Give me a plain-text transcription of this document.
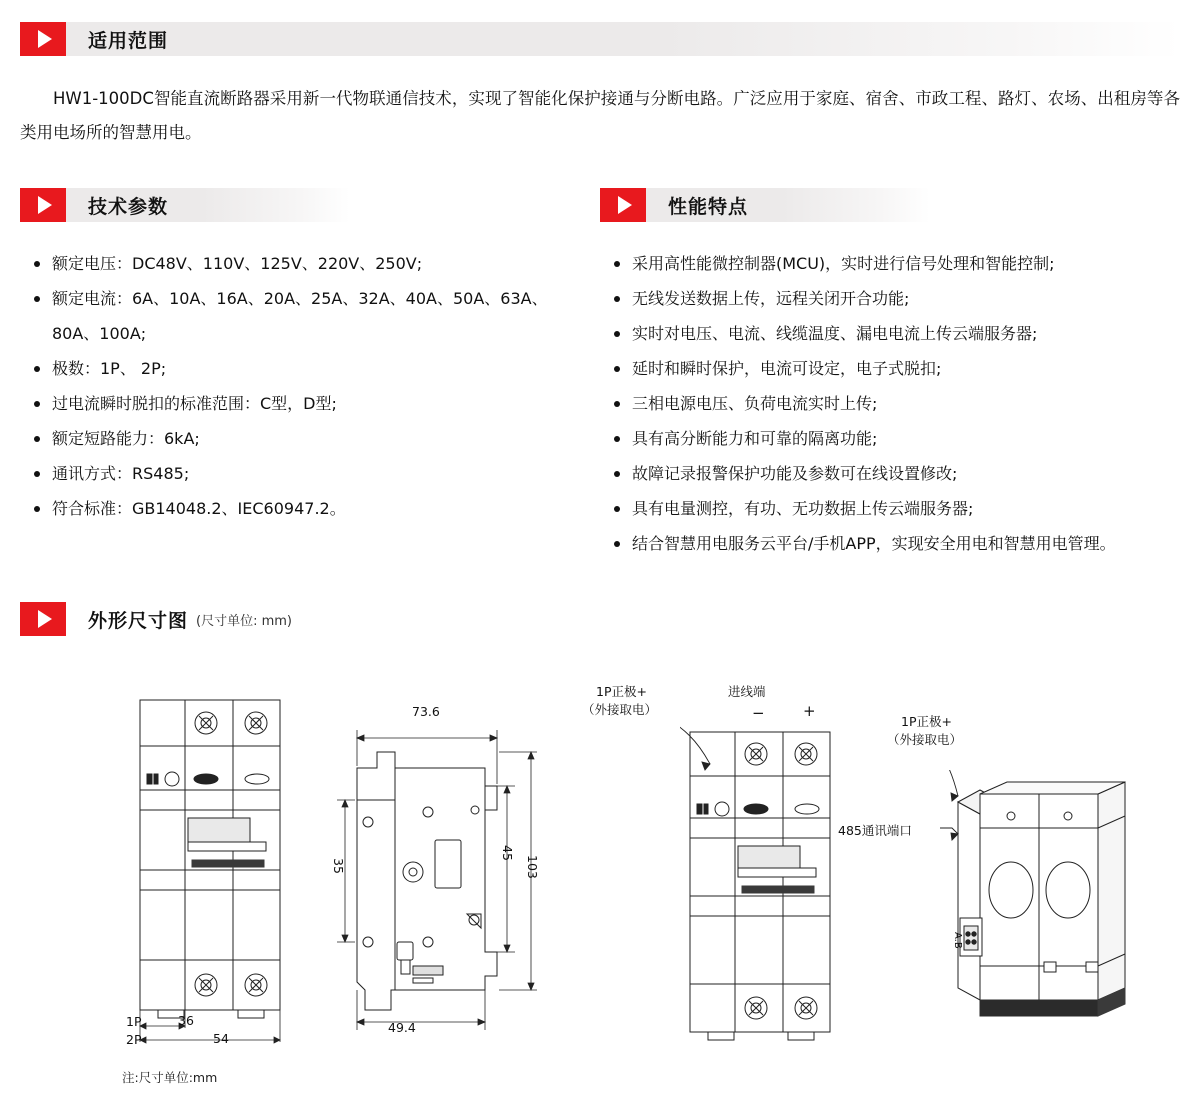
适用范围
HW1-100DC智能直流断路器采用新一代物联通信技术，实现了智能化保护接通与分断电路。广泛应用于家庭、宿舍、市政工程、路灯、农场、出租房等各类用电场所的智慧用电。
技术参数
额定电压：DC48V、110V、125V、220V、250V;
额定电流：6A、10A、16A、20A、25A、32A、40A、50A、63A、80A、100A;
极数：1P、 2P;
过电流瞬时脱扣的标准范围：C型，D型;
额定短路能力：6kA;
通讯方式：RS485;
符合标准：GB14048.2、IEC60947.2。
性能特点
采用高性能微控制器(MCU)，实时进行信号处理和智能控制;
无线发送数据上传，远程关闭开合功能;
实时对电压、电流、线缆温度、漏电电流上传云端服务器;
延时和瞬时保护，电流可设定，电子式脱扣;
三相电源电压、负荷电流实时上传;
具有高分断能力和可靠的隔离功能;
故障记录报警保护功能及参数可在线设置修改;
具有电量测控，有功、无功数据上传云端服务器;
结合智慧用电服务云平台/手机APP，实现安全用电和智慧用电管理。
外形尺寸图 (尺寸单位: mm)
1P	36
2P	54
73.6
49.4
35
45
103
1P正极+
（外接取电）
进线端
−	+
1P正极+
（外接取电）
485通讯端口
A.B
注:尺寸单位:mm
